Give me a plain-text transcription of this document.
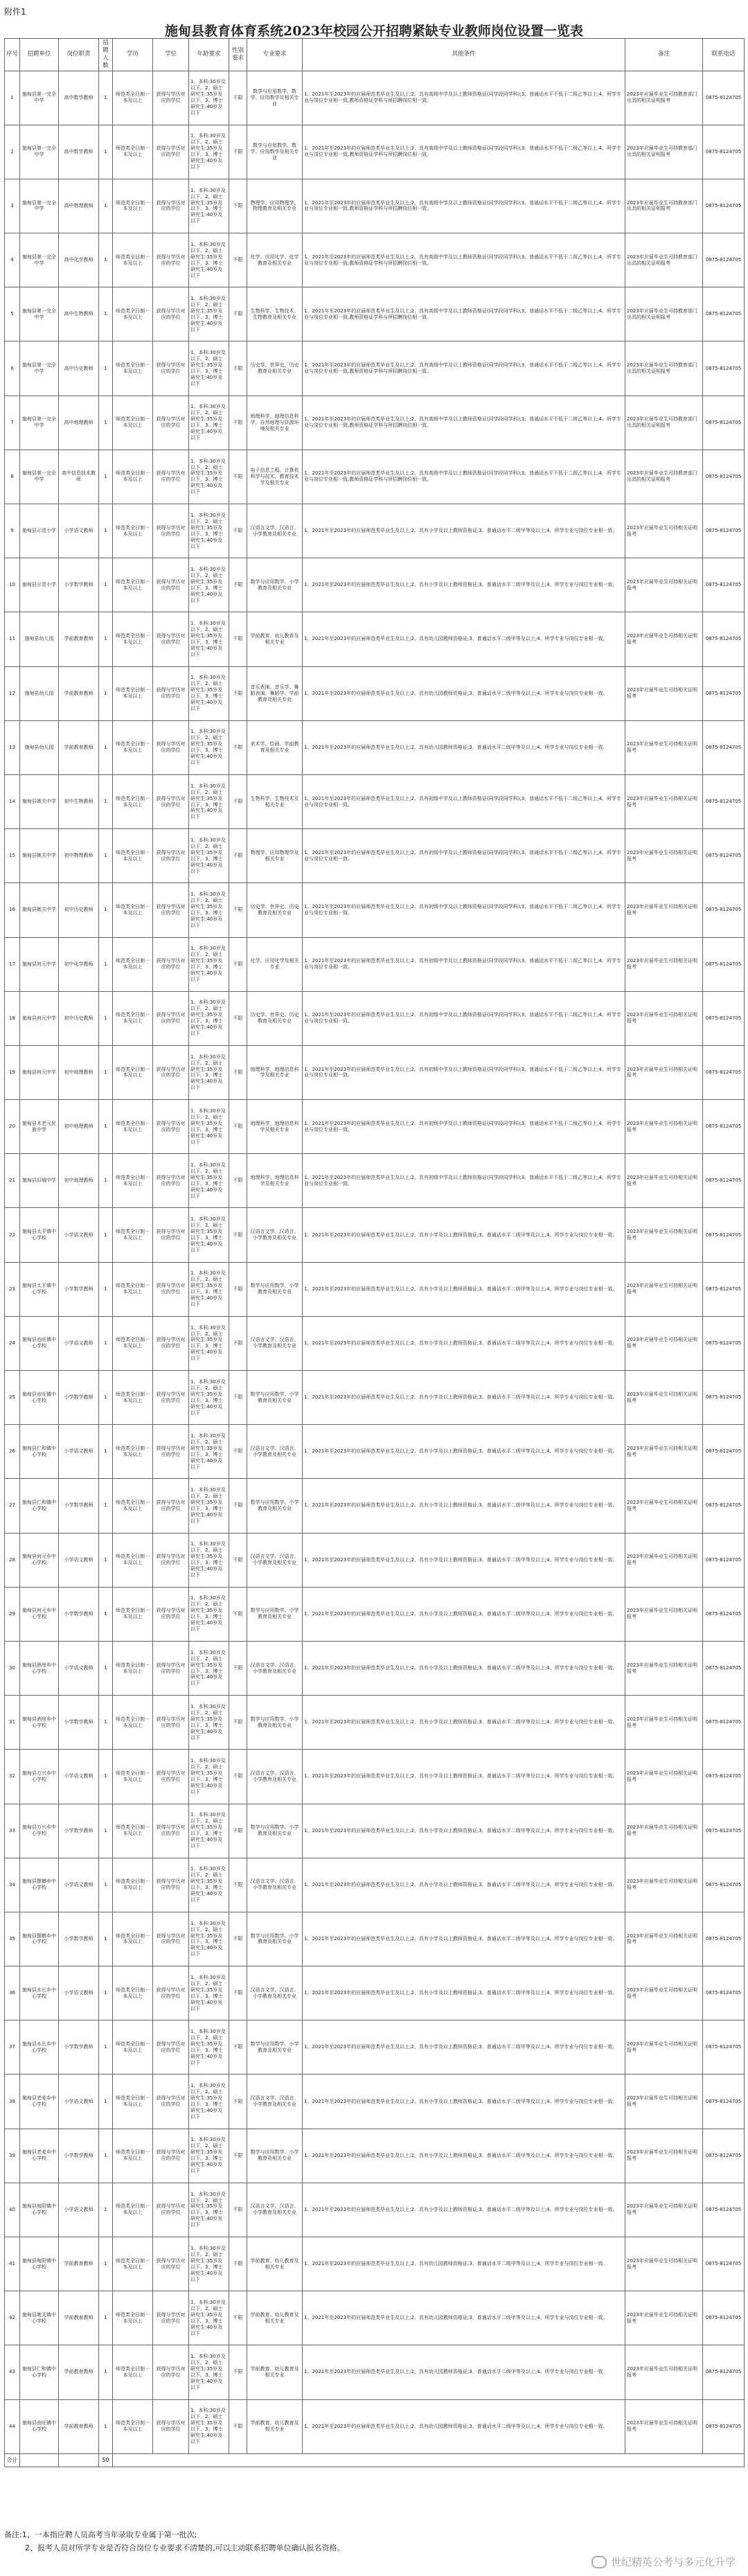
附件1
施甸县教育体育系统2023年校园公开招聘紧缺专业教师岗位设置一览表
序号	招聘单位	岗位职责	招聘人数	学历	学位	年龄要求	性别要求	专业要求	其他条件	备注	联系电话
1	施甸县第一完全中学	高中数学教师	1	师范类全日制一本及以上	获得与学历对应的学位	1、本科:30岁及以下。2、硕士研究生:35岁及以下。3、博士研究生:40岁及以下	不限	数学与应用数学、数学、应用数学及相关专业	1、2021年至2023年的应届师范类毕业生及以上;2、具有高级中学及以上教师资格证(同学段同学科);3、普通话水平不低于二级乙等以上;4、所学专业与岗位专业相一致,教师资格证学科与所招聘岗位相一致。	2023年应届毕业生可持教育部门出具的相关证明报考	0875-8124705
2	施甸县第一完全中学	高中数学教师	1	师范类全日制一本及以上	获得与学历对应的学位	1、本科:30岁及以下。2、硕士研究生:35岁及以下。3、博士研究生:40岁及以下	不限	数学与应用数学、数学、应用数学及相关专业	1、2021年至2023年的应届师范类毕业生及以上;2、具有高级中学及以上教师资格证(同学段同学科);3、普通话水平不低于二级乙等以上;4、所学专业与岗位专业相一致,教师资格证学科与所招聘岗位相一致。	2023年应届毕业生可持教育部门出具的相关证明报考	0875-8124705
3	施甸县第一完全中学	高中物理教师	1	师范类全日制一本及以上	获得与学历对应的学位	1、本科:30岁及以下。2、硕士研究生:35岁及以下。3、博士研究生:40岁及以下	不限	物理学、应用物理学、物理教育及相关专业	1、2021年至2023年的应届师范类毕业生及以上;2、具有高级中学及以上教师资格证(同学段同学科);3、普通话水平不低于二级乙等以上;4、所学专业与岗位专业相一致,教师资格证学科与所招聘岗位相一致。	2023年应届毕业生可持教育部门出具的相关证明报考	0875-8124705
4	施甸县第一完全中学	高中化学教师	1	师范类全日制一本及以上	获得与学历对应的学位	1、本科:30岁及以下。2、硕士研究生:35岁及以下。3、博士研究生:40岁及以下	不限	化学、应用化学、化学教育及相关专业	1、2021年至2023年的应届师范类毕业生及以上;2、具有高级中学及以上教师资格证(同学段同学科);3、普通话水平不低于二级乙等以上;4、所学专业与岗位专业相一致,教师资格证学科与所招聘岗位相一致。	2023年应届毕业生可持教育部门出具的相关证明报考	0875-8124705
5	施甸县第一完全中学	高中生物教师	1	师范类全日制一本及以上	获得与学历对应的学位	1、本科:30岁及以下。2、硕士研究生:35岁及以下。3、博士研究生:40岁及以下	不限	生物科学、生物技术、生物教育及相关专业	1、2021年至2023年的应届师范类毕业生及以上;2、具有高级中学及以上教师资格证(同学段同学科);3、普通话水平不低于二级乙等以上;4、所学专业与岗位专业相一致,教师资格证学科与所招聘岗位相一致。	2023年应届毕业生可持教育部门出具的相关证明报考	0875-8124705
6	施甸县第一完全中学	高中历史教师	1	师范类全日制一本及以上	获得与学历对应的学位	1、本科:30岁及以下。2、硕士研究生:35岁及以下。3、博士研究生:40岁及以下	不限	历史学、世界史、历史教育及相关专业	1、2021年至2023年的应届师范类毕业生及以上;2、具有高级中学及以上教师资格证(同学段同学科);3、普通话水平不低于二级乙等以上;4、所学专业与岗位专业相一致,教师资格证学科与所招聘岗位相一致。	2023年应届毕业生可持教育部门出具的相关证明报考	0875-8124705
7	施甸县第一完全中学	高中地理教师	1	师范类全日制一本及以上	获得与学历对应的学位	1、本科:30岁及以下。2、硕士研究生:35岁及以下。3、博士研究生:40岁及以下	不限	地理科学、地理信息科学、自然地理与资源环境及相关专业	1、2021年至2023年的应届师范类毕业生及以上;2、具有高级中学及以上教师资格证(同学段同学科);3、普通话水平不低于二级乙等以上;4、所学专业与岗位专业相一致,教师资格证学科与所招聘岗位相一致。	2023年应届毕业生可持教育部门出具的相关证明报考	0875-8124705
8	施甸县第一完全中学	高中信息技术教师	1	师范类全日制一本及以上	获得与学历对应的学位	1、本科:30岁及以下。2、硕士研究生:35岁及以下。3、博士研究生:40岁及以下	不限	电子信息工程、计算机科学与技术、教育技术学及相关专业	1、2021年至2023年的应届师范类毕业生及以上;2、具有高级中学及以上教师资格证(同学段同学科);3、普通话水平不低于二级乙等以上;4、所学专业与岗位专业相一致,教师资格证学科与所招聘岗位相一致。	2023年应届毕业生可持教育部门出具的相关证明报考	0875-8124705
9	施甸县示范小学	小学语文教师	1	师范类全日制一本及以上	获得与学历对应的学位	1、本科:30岁及以下。2、硕士研究生:35岁及以下。3、博士研究生:40岁及以下	不限	汉语言文学、汉语言、小学教育及相关专业	1、2021年至2023年的应届师范类毕业生及以上;2、具有小学及以上教师资格证;3、普通话水平二级甲等及以上;4、所学专业与岗位专业相一致。	2023年应届毕业生可持相关证明报考	0875-8124705
10	施甸县示范小学	小学数学教师	1	师范类全日制一本及以上	获得与学历对应的学位	1、本科:30岁及以下。2、硕士研究生:35岁及以下。3、博士研究生:40岁及以下	不限	数学与应用数学、小学教育及相关专业	1、2021年至2023年的应届师范类毕业生及以上;2、具有小学及以上教师资格证;3、普通话水平二级甲等及以上;4、所学专业与岗位专业相一致。	2023年应届毕业生可持相关证明报考	0875-8124705
11	施甸县幼儿园	学前教育教师	1	师范类全日制一本及以上	获得与学历对应的学位	1、本科:30岁及以下。2、硕士研究生:35岁及以下。3、博士研究生:40岁及以下	不限	学前教育、幼儿教育及相关专业	1、2021年至2023年的应届师范类毕业生及以上;2、具有幼儿园教师资格证;3、普通话水平二级甲等及以上;4、所学专业与岗位专业相一致。	2023年应届毕业生可持相关证明报考	0875-8124705
12	施甸县幼儿园	学前教育教师	1	师范类全日制一本及以上	获得与学历对应的学位	1、本科:30岁及以下。2、硕士研究生:35岁及以下。3、博士研究生:40岁及以下	不限	音乐表演、音乐学、舞蹈表演、舞蹈学、学前教育及相关专业	1、2021年至2023年的应届师范类毕业生及以上;2、具有幼儿园教师资格证;3、普通话水平二级甲等及以上;4、所学专业与岗位专业相一致。	2023年应届毕业生可持相关证明报考	0875-8124705
13	施甸县幼儿园	学前教育教师	1	师范类全日制一本及以上	获得与学历对应的学位	1、本科:30岁及以下。2、硕士研究生:35岁及以下。3、博士研究生:40岁及以下	不限	美术学、绘画、学前教育及相关专业	1、2021年至2023年的应届师范类毕业生及以上;2、具有幼儿园教师资格证;3、普通话水平二级甲等及以上;4、所学专业与岗位专业相一致。	2023年应届毕业生可持相关证明报考	0875-8124705
14	施甸县姚关中学	初中生物教师	1	师范类全日制一本及以上	获得与学历对应的学位	1、本科:30岁及以下。2、硕士研究生:35岁及以下。3、博士研究生:40岁及以下	不限	生物科学、生物技术及相关专业	1、2021年至2023年的应届师范类毕业生及以上;2、具有初级中学及以上教师资格证(同学段同学科);3、普通话水平不低于二级乙等以上;4、所学专业与岗位专业相一致。	2023年应届毕业生可持相关证明报考	0875-8124705
15	施甸县姚关中学	初中物理教师	1	师范类全日制一本及以上	获得与学历对应的学位	1、本科:30岁及以下。2、硕士研究生:35岁及以下。3、博士研究生:40岁及以下	不限	物理学、应用物理学及相关专业	1、2021年至2023年的应届师范类毕业生及以上;2、具有初级中学及以上教师资格证(同学段同学科);3、普通话水平不低于二级乙等以上;4、所学专业与岗位专业相一致。	2023年应届毕业生可持相关证明报考	0875-8124705
16	施甸县姚关中学	初中历史教师	1	师范类全日制一本及以上	获得与学历对应的学位	1、本科:30岁及以下。2、硕士研究生:35岁及以下。3、博士研究生:40岁及以下	不限	历史学、世界史、历史教育及相关专业	1、2021年至2023年的应届师范类毕业生及以上;2、具有初级中学及以上教师资格证(同学段同学科);3、普通话水平不低于二级乙等以上;4、所学专业与岗位专业相一致。	2023年应届毕业生可持相关证明报考	0875-8124705
17	施甸县何元中学	初中化学教师	1	师范类全日制一本及以上	获得与学历对应的学位	1、本科:30岁及以下。2、硕士研究生:35岁及以下。3、博士研究生:40岁及以下	不限	化学、应用化学及相关专业	1、2021年至2023年的应届师范类毕业生及以上;2、具有初级中学及以上教师资格证(同学段同学科);3、普通话水平不低于二级乙等以上;4、所学专业与岗位专业相一致。	2023年应届毕业生可持相关证明报考	0875-8124705
18	施甸县何元中学	初中历史教师	1	师范类全日制一本及以上	获得与学历对应的学位	1、本科:30岁及以下。2、硕士研究生:35岁及以下。3、博士研究生:40岁及以下	不限	历史学、世界史、历史教育及相关专业	1、2021年至2023年的应届师范类毕业生及以上;2、具有初级中学及以上教师资格证(同学段同学科);3、普通话水平不低于二级乙等以上;4、所学专业与岗位专业相一致。	2023年应届毕业生可持相关证明报考	0875-8124705
19	施甸县何元中学	初中地理教师	1	师范类全日制一本及以上	获得与学历对应的学位	1、本科:30岁及以下。2、硕士研究生:35岁及以下。3、博士研究生:40岁及以下	不限	地理科学、地理信息科学及相关专业	1、2021年至2023年的应届师范类毕业生及以上;2、具有初级中学及以上教师资格证(同学段同学科);3、普通话水平不低于二级乙等以上;4、所学专业与岗位专业相一致。	2023年应届毕业生可持相关证明报考	0875-8124705
20	施甸县木老元民族中学	初中地理教师	1	师范类全日制一本及以上	获得与学历对应的学位	1、本科:30岁及以下。2、硕士研究生:35岁及以下。3、博士研究生:40岁及以下	不限	地理科学、地理信息科学及相关专业	1、2021年至2023年的应届师范类毕业生及以上;2、具有初级中学及以上教师资格证(同学段同学科);3、普通话水平不低于二级乙等以上;4、所学专业与岗位专业相一致。	2023年应届毕业生可持相关证明报考	0875-8124705
21	施甸县旧城中学	初中地理教师	1	师范类全日制一本及以上	获得与学历对应的学位	1、本科:30岁及以下。2、硕士研究生:35岁及以下。3、博士研究生:40岁及以下	不限	地理科学、地理信息科学及相关专业	1、2021年至2023年的应届师范类毕业生及以上;2、具有初级中学及以上教师资格证(同学段同学科);3、普通话水平不低于二级乙等以上;4、所学专业与岗位专业相一致。	2023年应届毕业生可持相关证明报考	0875-8124705
22	施甸县太平镇中心学校	小学语文教师	1	师范类全日制一本及以上	获得与学历对应的学位	1、本科:30岁及以下。2、硕士研究生:35岁及以下。3、博士研究生:40岁及以下	不限	汉语言文学、汉语言、小学教育及相关专业	1、2021年至2023年的应届师范类毕业生及以上;2、具有小学及以上教师资格证;3、普通话水平二级甲等及以上;4、所学专业与岗位专业相一致。	2023年应届毕业生可持相关证明报考	0875-8124705
23	施甸县太平镇中心学校	小学数学教师	1	师范类全日制一本及以上	获得与学历对应的学位	1、本科:30岁及以下。2、硕士研究生:35岁及以下。3、博士研究生:40岁及以下	不限	数学与应用数学、小学教育及相关专业	1、2021年至2023年的应届师范类毕业生及以上;2、具有小学及以上教师资格证;3、普通话水平二级甲等及以上;4、所学专业与岗位专业相一致。	2023年应届毕业生可持相关证明报考	0875-8124705
24	施甸县由旺镇中心学校	小学语文教师	1	师范类全日制一本及以上	获得与学历对应的学位	1、本科:30岁及以下。2、硕士研究生:35岁及以下。3、博士研究生:40岁及以下	不限	汉语言文学、汉语言、小学教育及相关专业	1、2021年至2023年的应届师范类毕业生及以上;2、具有小学及以上教师资格证;3、普通话水平二级甲等及以上;4、所学专业与岗位专业相一致。	2023年应届毕业生可持相关证明报考	0875-8124705
25	施甸县由旺镇中心学校	小学数学教师	1	师范类全日制一本及以上	获得与学历对应的学位	1、本科:30岁及以下。2、硕士研究生:35岁及以下。3、博士研究生:40岁及以下	不限	数学与应用数学、小学教育及相关专业	1、2021年至2023年的应届师范类毕业生及以上;2、具有小学及以上教师资格证;3、普通话水平二级甲等及以上;4、所学专业与岗位专业相一致。	2023年应届毕业生可持相关证明报考	0875-8124705
26	施甸县仁和镇中心学校	小学语文教师	1	师范类全日制一本及以上	获得与学历对应的学位	1、本科:30岁及以下。2、硕士研究生:35岁及以下。3、博士研究生:40岁及以下	不限	汉语言文学、汉语言、小学教育及相关专业	1、2021年至2023年的应届师范类毕业生及以上;2、具有小学及以上教师资格证;3、普通话水平二级甲等及以上;4、所学专业与岗位专业相一致。	2023年应届毕业生可持相关证明报考	0875-8124705
27	施甸县仁和镇中心学校	小学数学教师	1	师范类全日制一本及以上	获得与学历对应的学位	1、本科:30岁及以下。2、硕士研究生:35岁及以下。3、博士研究生:40岁及以下	不限	数学与应用数学、小学教育及相关专业	1、2021年至2023年的应届师范类毕业生及以上;2、具有小学及以上教师资格证;3、普通话水平二级甲等及以上;4、所学专业与岗位专业相一致。	2023年应届毕业生可持相关证明报考	0875-8124705
28	施甸县何元乡中心学校	小学语文教师	1	师范类全日制一本及以上	获得与学历对应的学位	1、本科:30岁及以下。2、硕士研究生:35岁及以下。3、博士研究生:40岁及以下	不限	汉语言文学、汉语言、小学教育及相关专业	1、2021年至2023年的应届师范类毕业生及以上;2、具有小学及以上教师资格证;3、普通话水平二级甲等及以上;4、所学专业与岗位专业相一致。	2023年应届毕业生可持相关证明报考	0875-8124705
29	施甸县何元乡中心学校	小学数学教师	1	师范类全日制一本及以上	获得与学历对应的学位	1、本科:30岁及以下。2、硕士研究生:35岁及以下。3、博士研究生:40岁及以下	不限	数学与应用数学、小学教育及相关专业	1、2021年至2023年的应届师范类毕业生及以上;2、具有小学及以上教师资格证;3、普通话水平二级甲等及以上;4、所学专业与岗位专业相一致。	2023年应届毕业生可持相关证明报考	0875-8124705
30	施甸县酒房乡中心学校	小学语文教师	1	师范类全日制一本及以上	获得与学历对应的学位	1、本科:30岁及以下。2、硕士研究生:35岁及以下。3、博士研究生:40岁及以下	不限	汉语言文学、汉语言、小学教育及相关专业	1、2021年至2023年的应届师范类毕业生及以上;2、具有小学及以上教师资格证;3、普通话水平二级甲等及以上;4、所学专业与岗位专业相一致。	2023年应届毕业生可持相关证明报考	0875-8124705
31	施甸县酒房乡中心学校	小学数学教师	1	师范类全日制一本及以上	获得与学历对应的学位	1、本科:30岁及以下。2、硕士研究生:35岁及以下。3、博士研究生:40岁及以下	不限	数学与应用数学、小学教育及相关专业	1、2021年至2023年的应届师范类毕业生及以上;2、具有小学及以上教师资格证;3、普通话水平二级甲等及以上;4、所学专业与岗位专业相一致。	2023年应届毕业生可持相关证明报考	0875-8124705
32	施甸县万兴乡中心学校	小学语文教师	1	师范类全日制一本及以上	获得与学历对应的学位	1、本科:30岁及以下。2、硕士研究生:35岁及以下。3、博士研究生:40岁及以下	不限	汉语言文学、汉语言、小学教育及相关专业	1、2021年至2023年的应届师范类毕业生及以上;2、具有小学及以上教师资格证;3、普通话水平二级甲等及以上;4、所学专业与岗位专业相一致。	2023年应届毕业生可持相关证明报考	0875-8124705
33	施甸县万兴乡中心学校	小学数学教师	1	师范类全日制一本及以上	获得与学历对应的学位	1、本科:30岁及以下。2、硕士研究生:35岁及以下。3、博士研究生:40岁及以下	不限	数学与应用数学、小学教育及相关专业	1、2021年至2023年的应届师范类毕业生及以上;2、具有小学及以上教师资格证;3、普通话水平二级甲等及以上;4、所学专业与岗位专业相一致。	2023年应届毕业生可持相关证明报考	0875-8124705
34	施甸县摆榔乡中心学校	小学语文教师	1	师范类全日制一本及以上	获得与学历对应的学位	1、本科:30岁及以下。2、硕士研究生:35岁及以下。3、博士研究生:40岁及以下	不限	汉语言文学、汉语言、小学教育及相关专业	1、2021年至2023年的应届师范类毕业生及以上;2、具有小学及以上教师资格证;3、普通话水平二级甲等及以上;4、所学专业与岗位专业相一致。	2023年应届毕业生可持相关证明报考	0875-8124705
35	施甸县摆榔乡中心学校	小学数学教师	1	师范类全日制一本及以上	获得与学历对应的学位	1、本科:30岁及以下。2、硕士研究生:35岁及以下。3、博士研究生:40岁及以下	不限	数学与应用数学、小学教育及相关专业	1、2021年至2023年的应届师范类毕业生及以上;2、具有小学及以上教师资格证;3、普通话水平二级甲等及以上;4、所学专业与岗位专业相一致。	2023年应届毕业生可持相关证明报考	0875-8124705
36	施甸县水长乡中心学校	小学语文教师	1	师范类全日制一本及以上	获得与学历对应的学位	1、本科:30岁及以下。2、硕士研究生:35岁及以下。3、博士研究生:40岁及以下	不限	汉语言文学、汉语言、小学教育及相关专业	1、2021年至2023年的应届师范类毕业生及以上;2、具有小学及以上教师资格证;3、普通话水平二级甲等及以上;4、所学专业与岗位专业相一致。	2023年应届毕业生可持相关证明报考	0875-8124705
37	施甸县水长乡中心学校	小学数学教师	1	师范类全日制一本及以上	获得与学历对应的学位	1、本科:30岁及以下。2、硕士研究生:35岁及以下。3、博士研究生:40岁及以下	不限	数学与应用数学、小学教育及相关专业	1、2021年至2023年的应届师范类毕业生及以上;2、具有小学及以上教师资格证;3、普通话水平二级甲等及以上;4、所学专业与岗位专业相一致。	2023年应届毕业生可持相关证明报考	0875-8124705
38	施甸县老麦乡中心学校	小学语文教师	1	师范类全日制一本及以上	获得与学历对应的学位	1、本科:30岁及以下。2、硕士研究生:35岁及以下。3、博士研究生:40岁及以下	不限	汉语言文学、汉语言、小学教育及相关专业	1、2021年至2023年的应届师范类毕业生及以上;2、具有小学及以上教师资格证;3、普通话水平二级甲等及以上;4、所学专业与岗位专业相一致。	2023年应届毕业生可持相关证明报考	0875-8124705
39	施甸县老麦乡中心学校	小学数学教师	1	师范类全日制一本及以上	获得与学历对应的学位	1、本科:30岁及以下。2、硕士研究生:35岁及以下。3、博士研究生:40岁及以下	不限	数学与应用数学、小学教育及相关专业	1、2021年至2023年的应届师范类毕业生及以上;2、具有小学及以上教师资格证;3、普通话水平二级甲等及以上;4、所学专业与岗位专业相一致。	2023年应届毕业生可持相关证明报考	0875-8124705
40	施甸县甸阳镇中心学校	小学语文教师	1	师范类全日制一本及以上	获得与学历对应的学位	1、本科:30岁及以下。2、硕士研究生:35岁及以下。3、博士研究生:40岁及以下	不限	汉语言文学、汉语言、小学教育及相关专业	1、2021年至2023年的应届师范类毕业生及以上;2、具有小学及以上教师资格证;3、普通话水平二级甲等及以上;4、所学专业与岗位专业相一致。	2023年应届毕业生可持相关证明报考	0875-8124705
41	施甸县甸阳镇中心学校	学前教育教师	1	师范类全日制一本及以上	获得与学历对应的学位	1、本科:30岁及以下。2、硕士研究生:35岁及以下。3、博士研究生:40岁及以下	不限	学前教育、幼儿教育及相关专业	1、2021年至2023年的应届师范类毕业生及以上;2、具有幼儿园教师资格证;3、普通话水平二级甲等及以上;4、所学专业与岗位专业相一致。	2023年应届毕业生可持相关证明报考	0875-8124705
42	施甸县姚关镇中心学校	学前教育教师	1	师范类全日制一本及以上	获得与学历对应的学位	1、本科:30岁及以下。2、硕士研究生:35岁及以下。3、博士研究生:40岁及以下	不限	学前教育、幼儿教育及相关专业	1、2021年至2023年的应届师范类毕业生及以上;2、具有幼儿园教师资格证;3、普通话水平二级甲等及以上;4、所学专业与岗位专业相一致。	2023年应届毕业生可持相关证明报考	0875-8124705
43	施甸县仁和镇中心学校	学前教育教师	1	师范类全日制一本及以上	获得与学历对应的学位	1、本科:30岁及以下。2、硕士研究生:35岁及以下。3、博士研究生:40岁及以下	不限	学前教育、幼儿教育及相关专业	1、2021年至2023年的应届师范类毕业生及以上;2、具有幼儿园教师资格证;3、普通话水平二级甲等及以上;4、所学专业与岗位专业相一致。	2023年应届毕业生可持相关证明报考	0875-8124705
44	施甸县由旺镇中心学校	学前教育教师	1	师范类全日制一本及以上	获得与学历对应的学位	1、本科:30岁及以下。2、硕士研究生:35岁及以下。3、博士研究生:40岁及以下	不限	学前教育、幼儿教育及相关专业	1、2021年至2023年的应届师范类毕业生及以上;2、具有幼儿园教师资格证;3、普通话水平二级甲等及以上;4、所学专业与岗位专业相一致。	2023年应届毕业生可持相关证明报考	0875-8124705
合计			50								
备注:1、一本指应聘人员高考当年录取专业属于第一批次;
2、报考人员对所学专业是否符合岗位专业要求不清楚的,可以主动联系招聘单位确认报名资格。
世纪精英公考与多元化升学
